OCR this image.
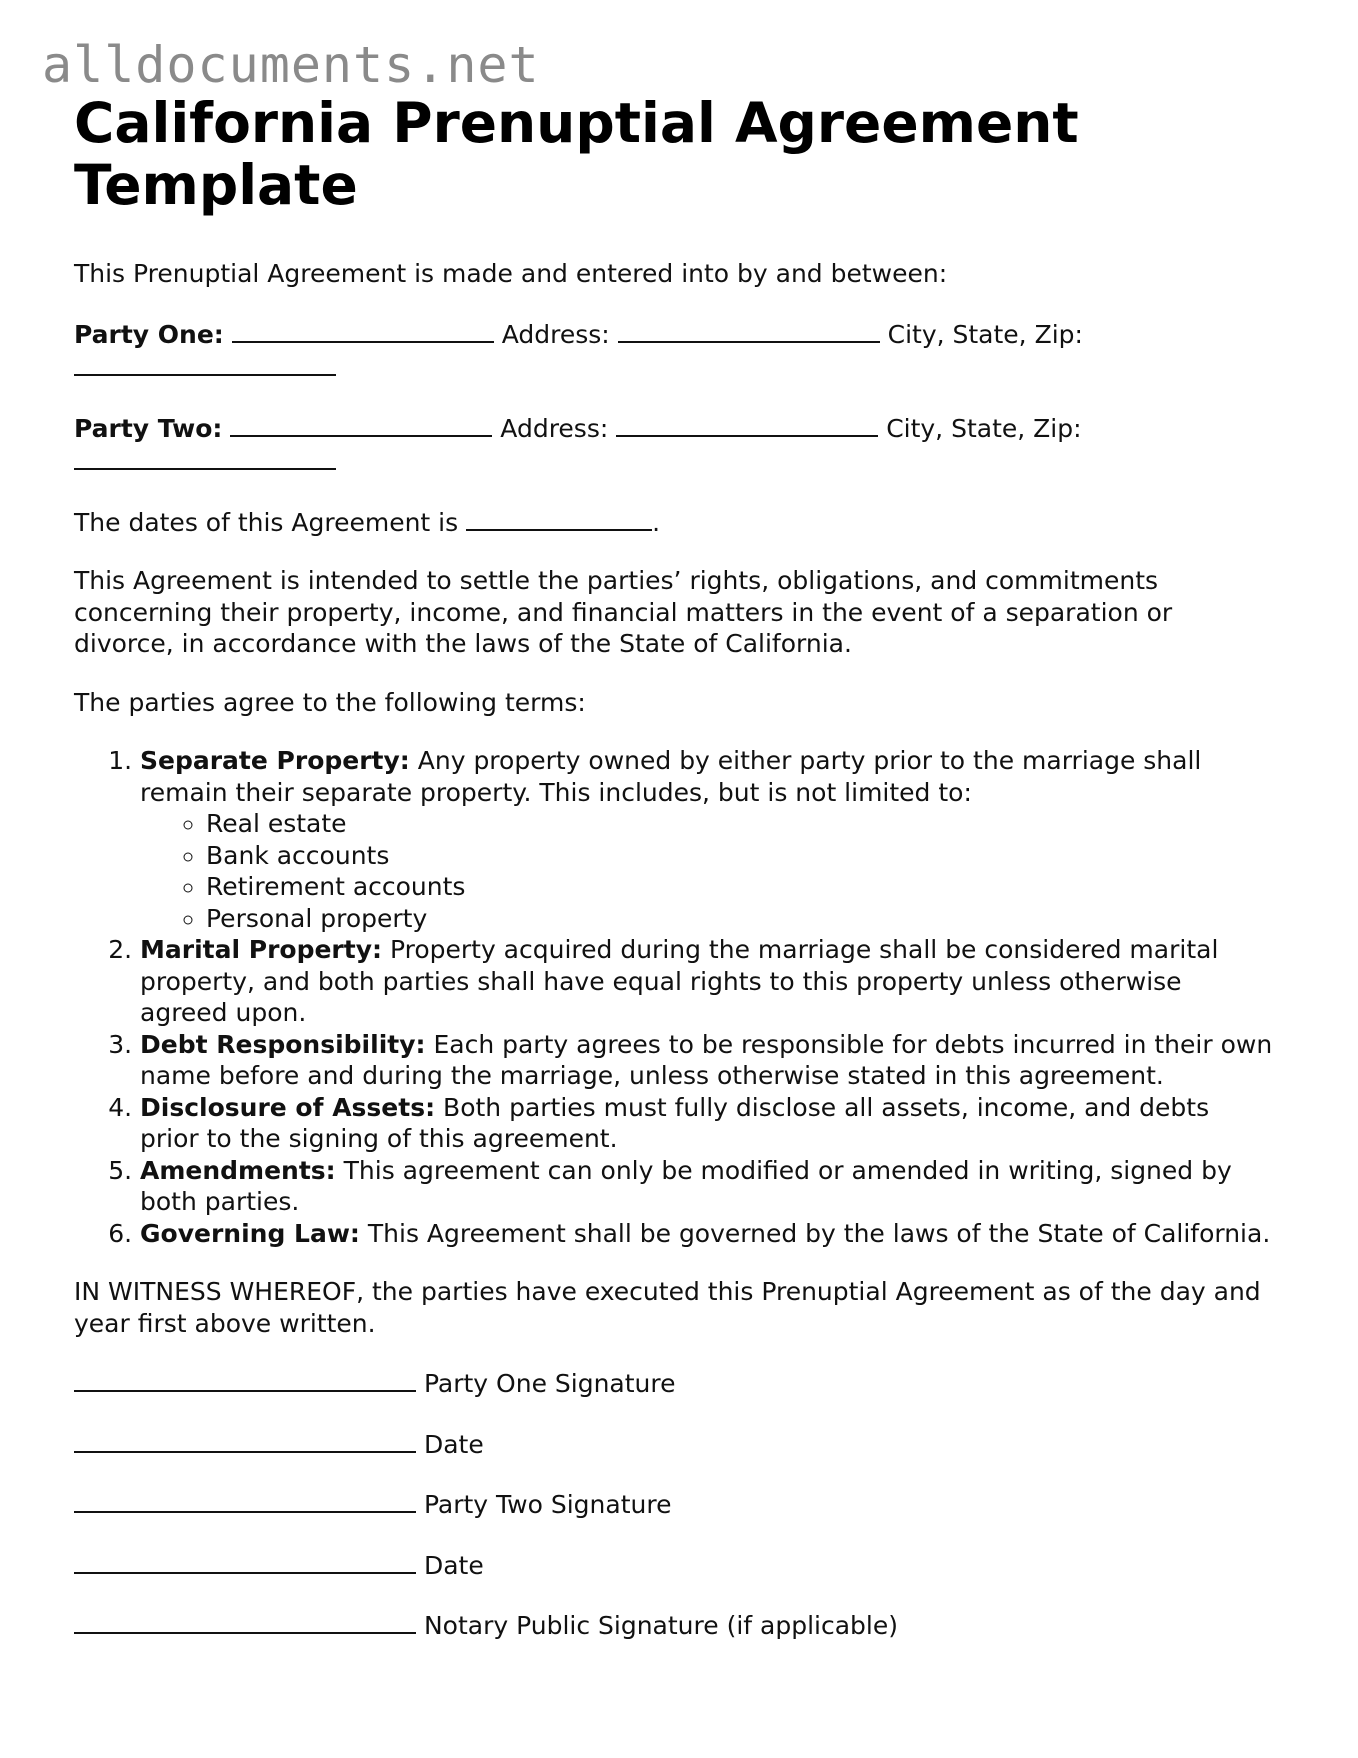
alldocuments.net
California Prenuptial Agreement Template

This Prenuptial Agreement is made and entered into by and between:

Party One:	Address:	City, State, Zip:

Party Two:	Address:	City, State, Zip:

The dates of this Agreement is	.

This Agreement is intended to settle the parties’ rights, obligations, and commitments concerning their property, income, and financial matters in the event of a separation or divorce, in accordance with the laws of the State of California.

The parties agree to the following terms:

1. Separate Property: Any property owned by either party prior to the marriage shall remain their separate property. This includes, but is not limited to:
◦ Real estate
◦ Bank accounts
◦ Retirement accounts
◦ Personal property
2. Marital Property: Property acquired during the marriage shall be considered marital property, and both parties shall have equal rights to this property unless otherwise agreed upon.
3. Debt Responsibility: Each party agrees to be responsible for debts incurred in their own name before and during the marriage, unless otherwise stated in this agreement.
4. Disclosure of Assets: Both parties must fully disclose all assets, income, and debts prior to the signing of this agreement.
5. Amendments: This agreement can only be modified or amended in writing, signed by both parties.
6. Governing Law: This Agreement shall be governed by the laws of the State of California.

IN WITNESS WHEREOF, the parties have executed this Prenuptial Agreement as of the day and year first above written.

Party One Signature

Date

Party Two Signature

Date

Notary Public Signature (if applicable)
